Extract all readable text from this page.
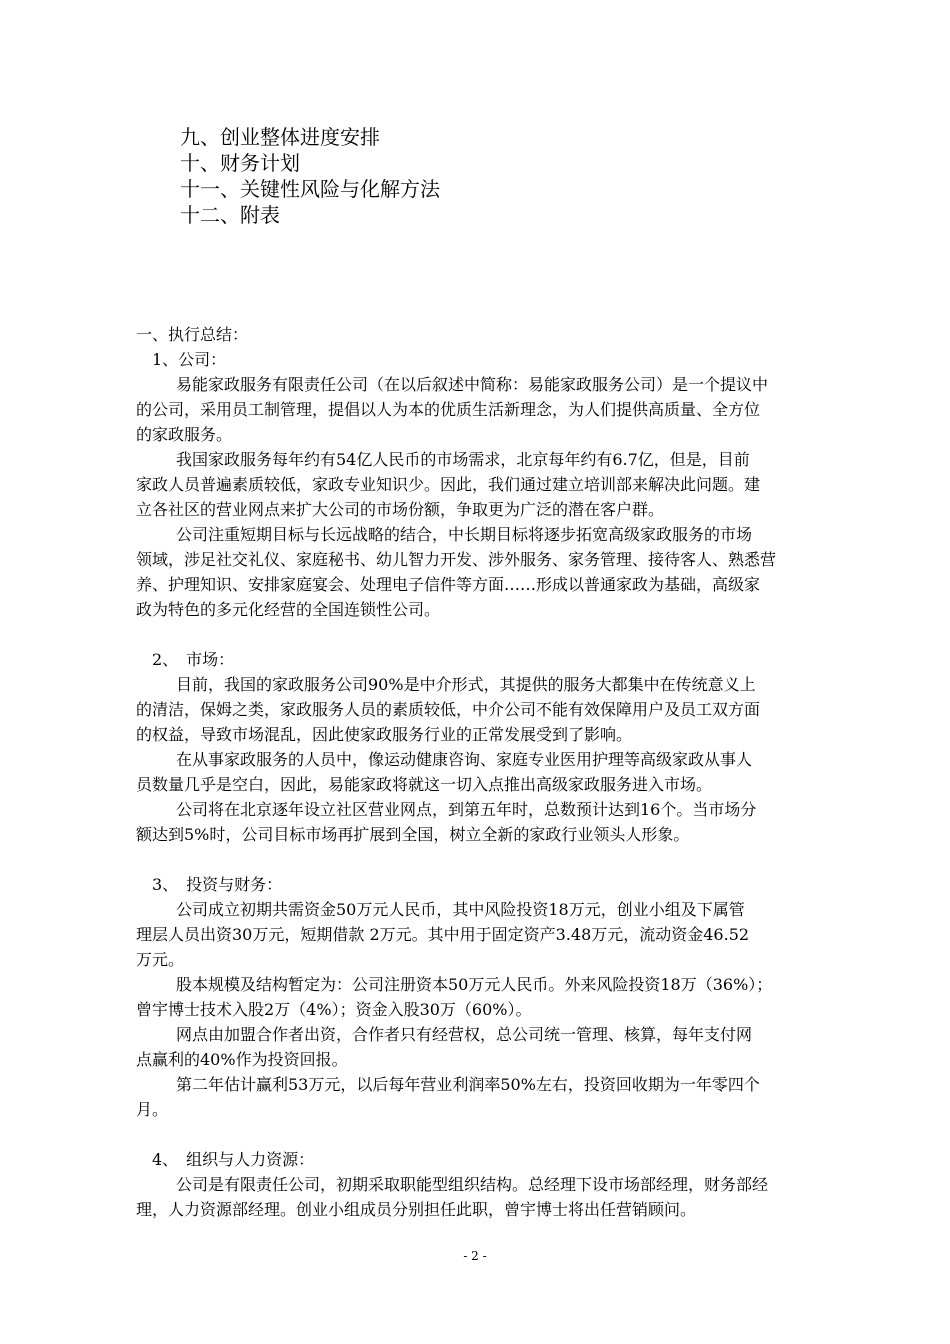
九、创业整体进度安排
十、财务计划
十一、关键性风险与化解方法
十二、附表
一、执行总结：
1、公司：
易能家政服务有限责任公司（在以后叙述中简称：易能家政服务公司）是一个提议中
的公司，采用员工制管理，提倡以人为本的优质生活新理念，为人们提供高质量、全方位
的家政服务。
我国家政服务每年约有54亿人民币的市场需求，北京每年约有6.7亿，但是，目前
家政人员普遍素质较低，家政专业知识少。因此，我们通过建立培训部来解决此问题。建
立各社区的营业网点来扩大公司的市场份额，争取更为广泛的潜在客户群。
公司注重短期目标与长远战略的结合，中长期目标将逐步拓宽高级家政服务的市场
领域，涉足社交礼仪、家庭秘书、幼儿智力开发、涉外服务、家务管理、接待客人、熟悉营
养、护理知识、安排家庭宴会、处理电子信件等方面……形成以普通家政为基础，高级家
政为特色的多元化经营的全国连锁性公司。
2、　市场：
目前，我国的家政服务公司90%是中介形式，其提供的服务大都集中在传统意义上
的清洁，保姆之类，家政服务人员的素质较低，中介公司不能有效保障用户及员工双方面
的权益，导致市场混乱，因此使家政服务行业的正常发展受到了影响。
在从事家政服务的人员中，像运动健康咨询、家庭专业医用护理等高级家政从事人
员数量几乎是空白，因此，易能家政将就这一切入点推出高级家政服务进入市场。
公司将在北京逐年设立社区营业网点，到第五年时，总数预计达到16个。当市场分
额达到5%时，公司目标市场再扩展到全国，树立全新的家政行业领头人形象。
3、　投资与财务：
公司成立初期共需资金50万元人民币，其中风险投资18万元，创业小组及下属管
理层人员出资30万元，短期借款 2万元。其中用于固定资产3.48万元，流动资金46.52
万元。
股本规模及结构暂定为：公司注册资本50万元人民币。外来风险投资18万（36%）；
曾宇博士技术入股2万（4%）；资金入股30万（60%）。
网点由加盟合作者出资，合作者只有经营权，总公司统一管理、核算，每年支付网
点赢利的40%作为投资回报。
第二年估计赢利53万元，以后每年营业利润率50%左右，投资回收期为一年零四个
月。
4、　组织与人力资源：
公司是有限责任公司，初期采取职能型组织结构。总经理下设市场部经理，财务部经
理，人力资源部经理。创业小组成员分别担任此职，曾宇博士将出任营销顾问。
- 2 -
